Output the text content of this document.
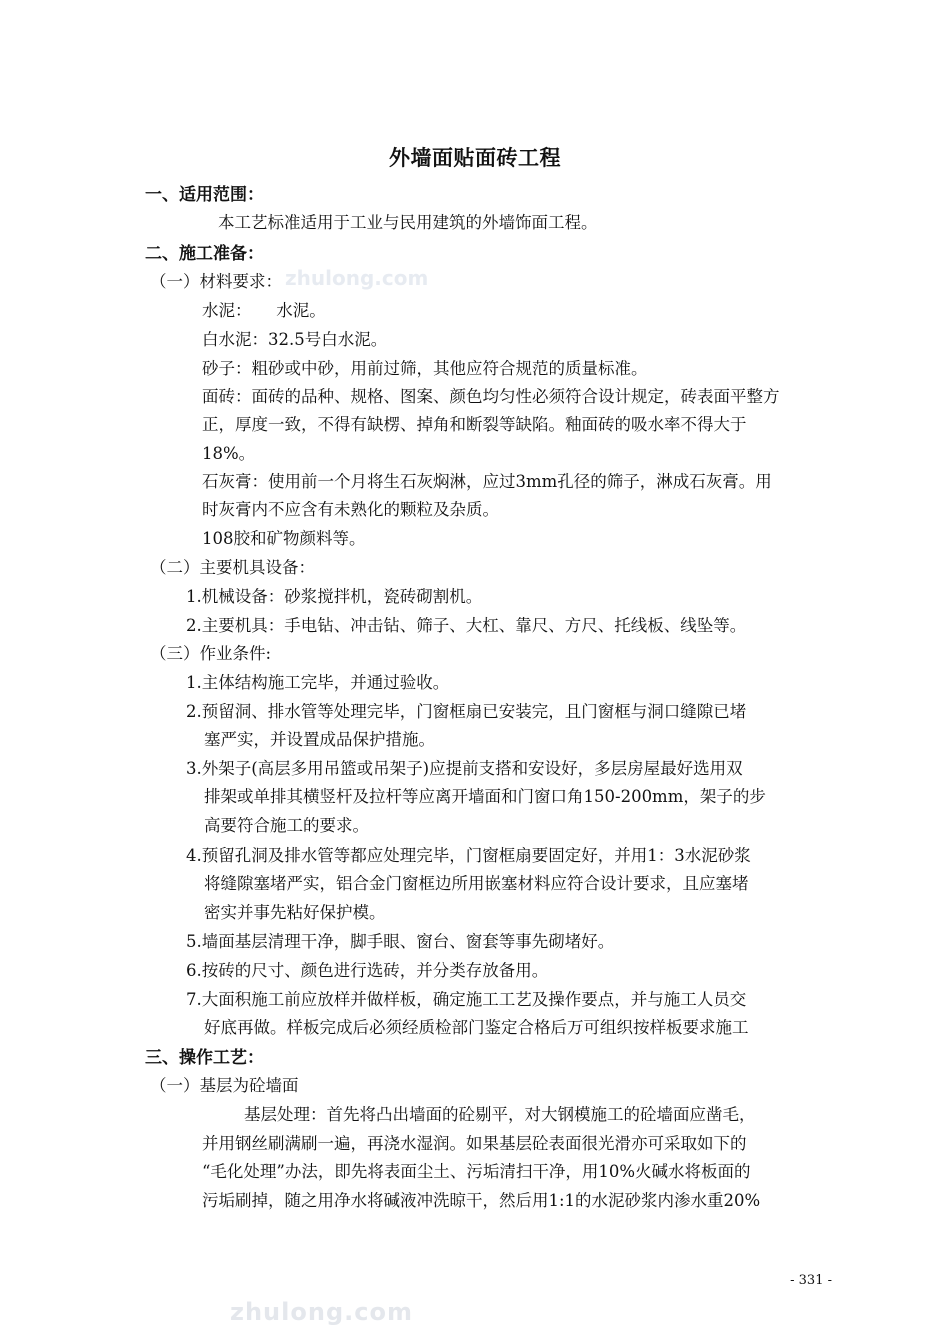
外墙面贴面砖工程
一、适用范围：
本工艺标准适用于工业与民用建筑的外墙饰面工程。
二、施工准备：
（一）材料要求： zhulong.com
水泥：　　水泥。
白水泥：32.5号白水泥。
砂子：粗砂或中砂，用前过筛，其他应符合规范的质量标准。
面砖：面砖的品种、规格、图案、颜色均匀性必须符合设计规定，砖表面平整方
正，厚度一致，不得有缺楞、掉角和断裂等缺陷。釉面砖的吸水率不得大于
18%。
石灰膏：使用前一个月将生石灰焖淋，应过3mm孔径的筛子，淋成石灰膏。用
时灰膏内不应含有未熟化的颗粒及杂质。
108胶和矿物颜料等。
（二）主要机具设备：
1.机械设备：砂浆搅拌机，瓷砖砌割机。
2.主要机具：手电钻、冲击钻、筛子、大杠、靠尺、方尺、托线板、线坠等。
（三）作业条件:
1.主体结构施工完毕，并通过验收。
2.预留洞、排水管等处理完毕，门窗框扇已安装完，且门窗框与洞口缝隙已堵
塞严实，并设置成品保护措施。
3.外架子(高层多用吊篮或吊架子)应提前支搭和安设好，多层房屋最好选用双
排架或单排其横竖杆及拉杆等应离开墙面和门窗口角150-200mm，架子的步
高要符合施工的要求。
4.预留孔洞及排水管等都应处理完毕，门窗框扇要固定好，并用1：3水泥砂浆
将缝隙塞堵严实，铝合金门窗框边所用嵌塞材料应符合设计要求，且应塞堵
密实并事先粘好保护模。
5.墙面基层清理干净，脚手眼、窗台、窗套等事先砌堵好。
6.按砖的尺寸、颜色进行选砖，并分类存放备用。
7.大面积施工前应放样并做样板，确定施工工艺及操作要点，并与施工人员交
好底再做。样板完成后必须经质检部门鉴定合格后万可组织按样板要求施工
三、操作工艺：
（一）基层为砼墙面
基层处理：首先将凸出墙面的砼剔平，对大钢模施工的砼墙面应凿毛，
并用钢丝刷满刷一遍，再浇水湿润。如果基层砼表面很光滑亦可采取如下的
“毛化处理”办法，即先将表面尘土、污垢清扫干净，用10%火碱水将板面的
污垢刷掉，随之用净水将碱液冲洗晾干，然后用1:1的水泥砂浆内渗水重20%
- 331 -
zhulong.com
